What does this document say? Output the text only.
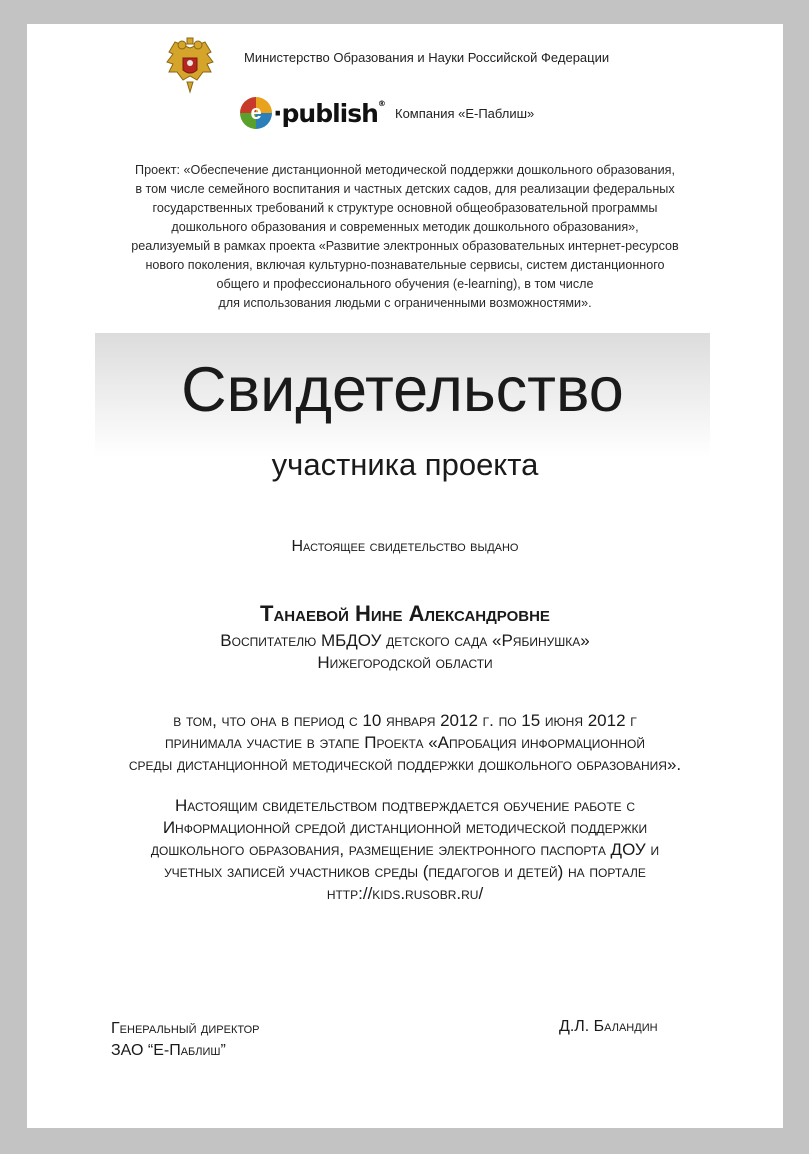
Министерство Образования и Науки Российской Федерации
e ·publish®
Компания «Е-Паблиш»
Проект: «Обеспечение дистанционной методической поддержки дошкольного образования,
в том числе семейного воспитания и частных детских садов, для реализации федеральных
государственных требований к структуре основной общеобразовательной программы
дошкольного образования и современных методик дошкольного образования»,
реализуемый в рамках проекта «Развитие электронных образовательных интернет-ресурсов
нового поколения, включая культурно-познавательные сервисы, систем дистанционного
общего и профессионального обучения (e-learning), в том числе
для использования людьми с ограниченными возможностями».
Свидетельство
участника проекта
Настоящее свидетельство выдано
Танаевой Нине Александровне
Воспитателю МБДОУ детского сада «Рябинушка»
Нижегородской области
в том, что она в период с 10 января 2012 г. по 15 июня 2012 г
принимала участие в этапе Проекта «Апробация информационной
среды дистанционной методической поддержки дошкольного образования».
Настоящим свидетельством подтверждается обучение работе с
Информационной средой дистанционной методической поддержки
дошкольного образования, размещение электронного паспорта ДОУ и
учетных записей участников среды (педагогов и детей) на портале
http://kids.rusobr.ru/
Генеральный директор
ЗАО “Е-Паблиш”
Д.Л. Баландин
